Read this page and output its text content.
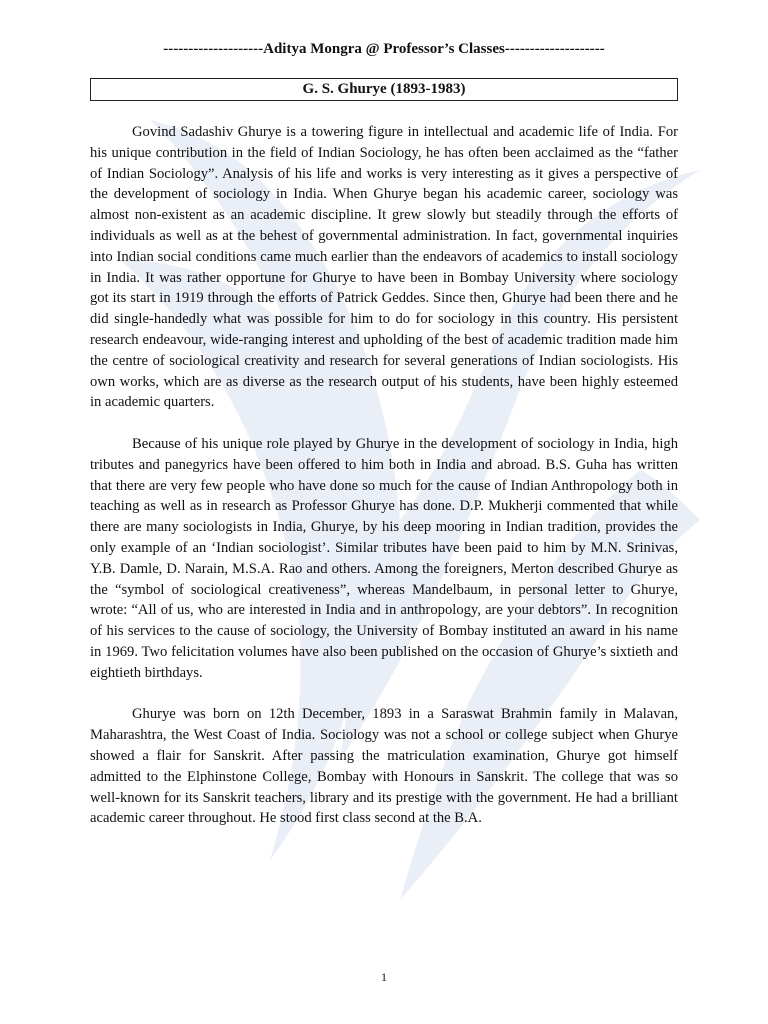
--------------------Aditya Mongra @ Professor’s Classes--------------------
G. S. Ghurye (1893-1983)

Govind Sadashiv Ghurye is a towering figure in intellectual and academic life of India. For his unique contribution in the field of Indian Sociology, he has often been acclaimed as the “father of Indian Sociology”. Analysis of his life and works is very interesting as it gives a perspective of the development of sociology in India. When Ghurye began his academic career, sociology was almost non-existent as an academic discipline. It grew slowly but steadily through the efforts of individuals as well as at the behest of governmental administration. In fact, governmental inquiries into Indian social conditions came much earlier than the endeavors of academics to install sociology in India. It was rather opportune for Ghurye to have been in Bombay University where sociology got its start in 1919 through the efforts of Patrick Geddes. Since then, Ghurye had been there and he did single-handedly what was possible for him to do for sociology in this country. His persistent research endeavour, wide-ranging interest and upholding of the best of academic tradition made him the centre of sociological creativity and research for several generations of Indian sociologists. His own works, which are as diverse as the research output of his students, have been highly esteemed in academic quarters.

Because of his unique role played by Ghurye in the development of sociology in India, high tributes and panegyrics have been offered to him both in India and abroad. B.S. Guha has written that there are very few people who have done so much for the cause of Indian Anthropology both in teaching as well as in research as Professor Ghurye has done. D.P. Mukherji commented that while there are many sociologists in India, Ghurye, by his deep mooring in Indian tradition, provides the only example of an ‘Indian sociologist’. Similar tributes have been paid to him by M.N. Srinivas, Y.B. Damle, D. Narain, M.S.A. Rao and others. Among the foreigners, Merton described Ghurye as the “symbol of sociological creativeness”, whereas Mandelbaum, in personal letter to Ghurye, wrote: “All of us, who are interested in India and in anthropology, are your debtors”. In recognition of his services to the cause of sociology, the University of Bombay instituted an award in his name in 1969. Two felicitation volumes have also been published on the occasion of Ghurye’s sixtieth and eightieth birthdays.

Ghurye was born on 12th December, 1893 in a Saraswat Brahmin family in Malavan, Maharashtra, the West Coast of India. Sociology was not a school or college subject when Ghurye showed a flair for Sanskrit. After passing the matriculation examination, Ghurye got himself admitted to the Elphinstone College, Bombay with Honours in Sanskrit. The college that was so well-known for its Sanskrit teachers, library and its prestige with the government. He had a brilliant academic career throughout. He stood first class second at the B.A.

1
